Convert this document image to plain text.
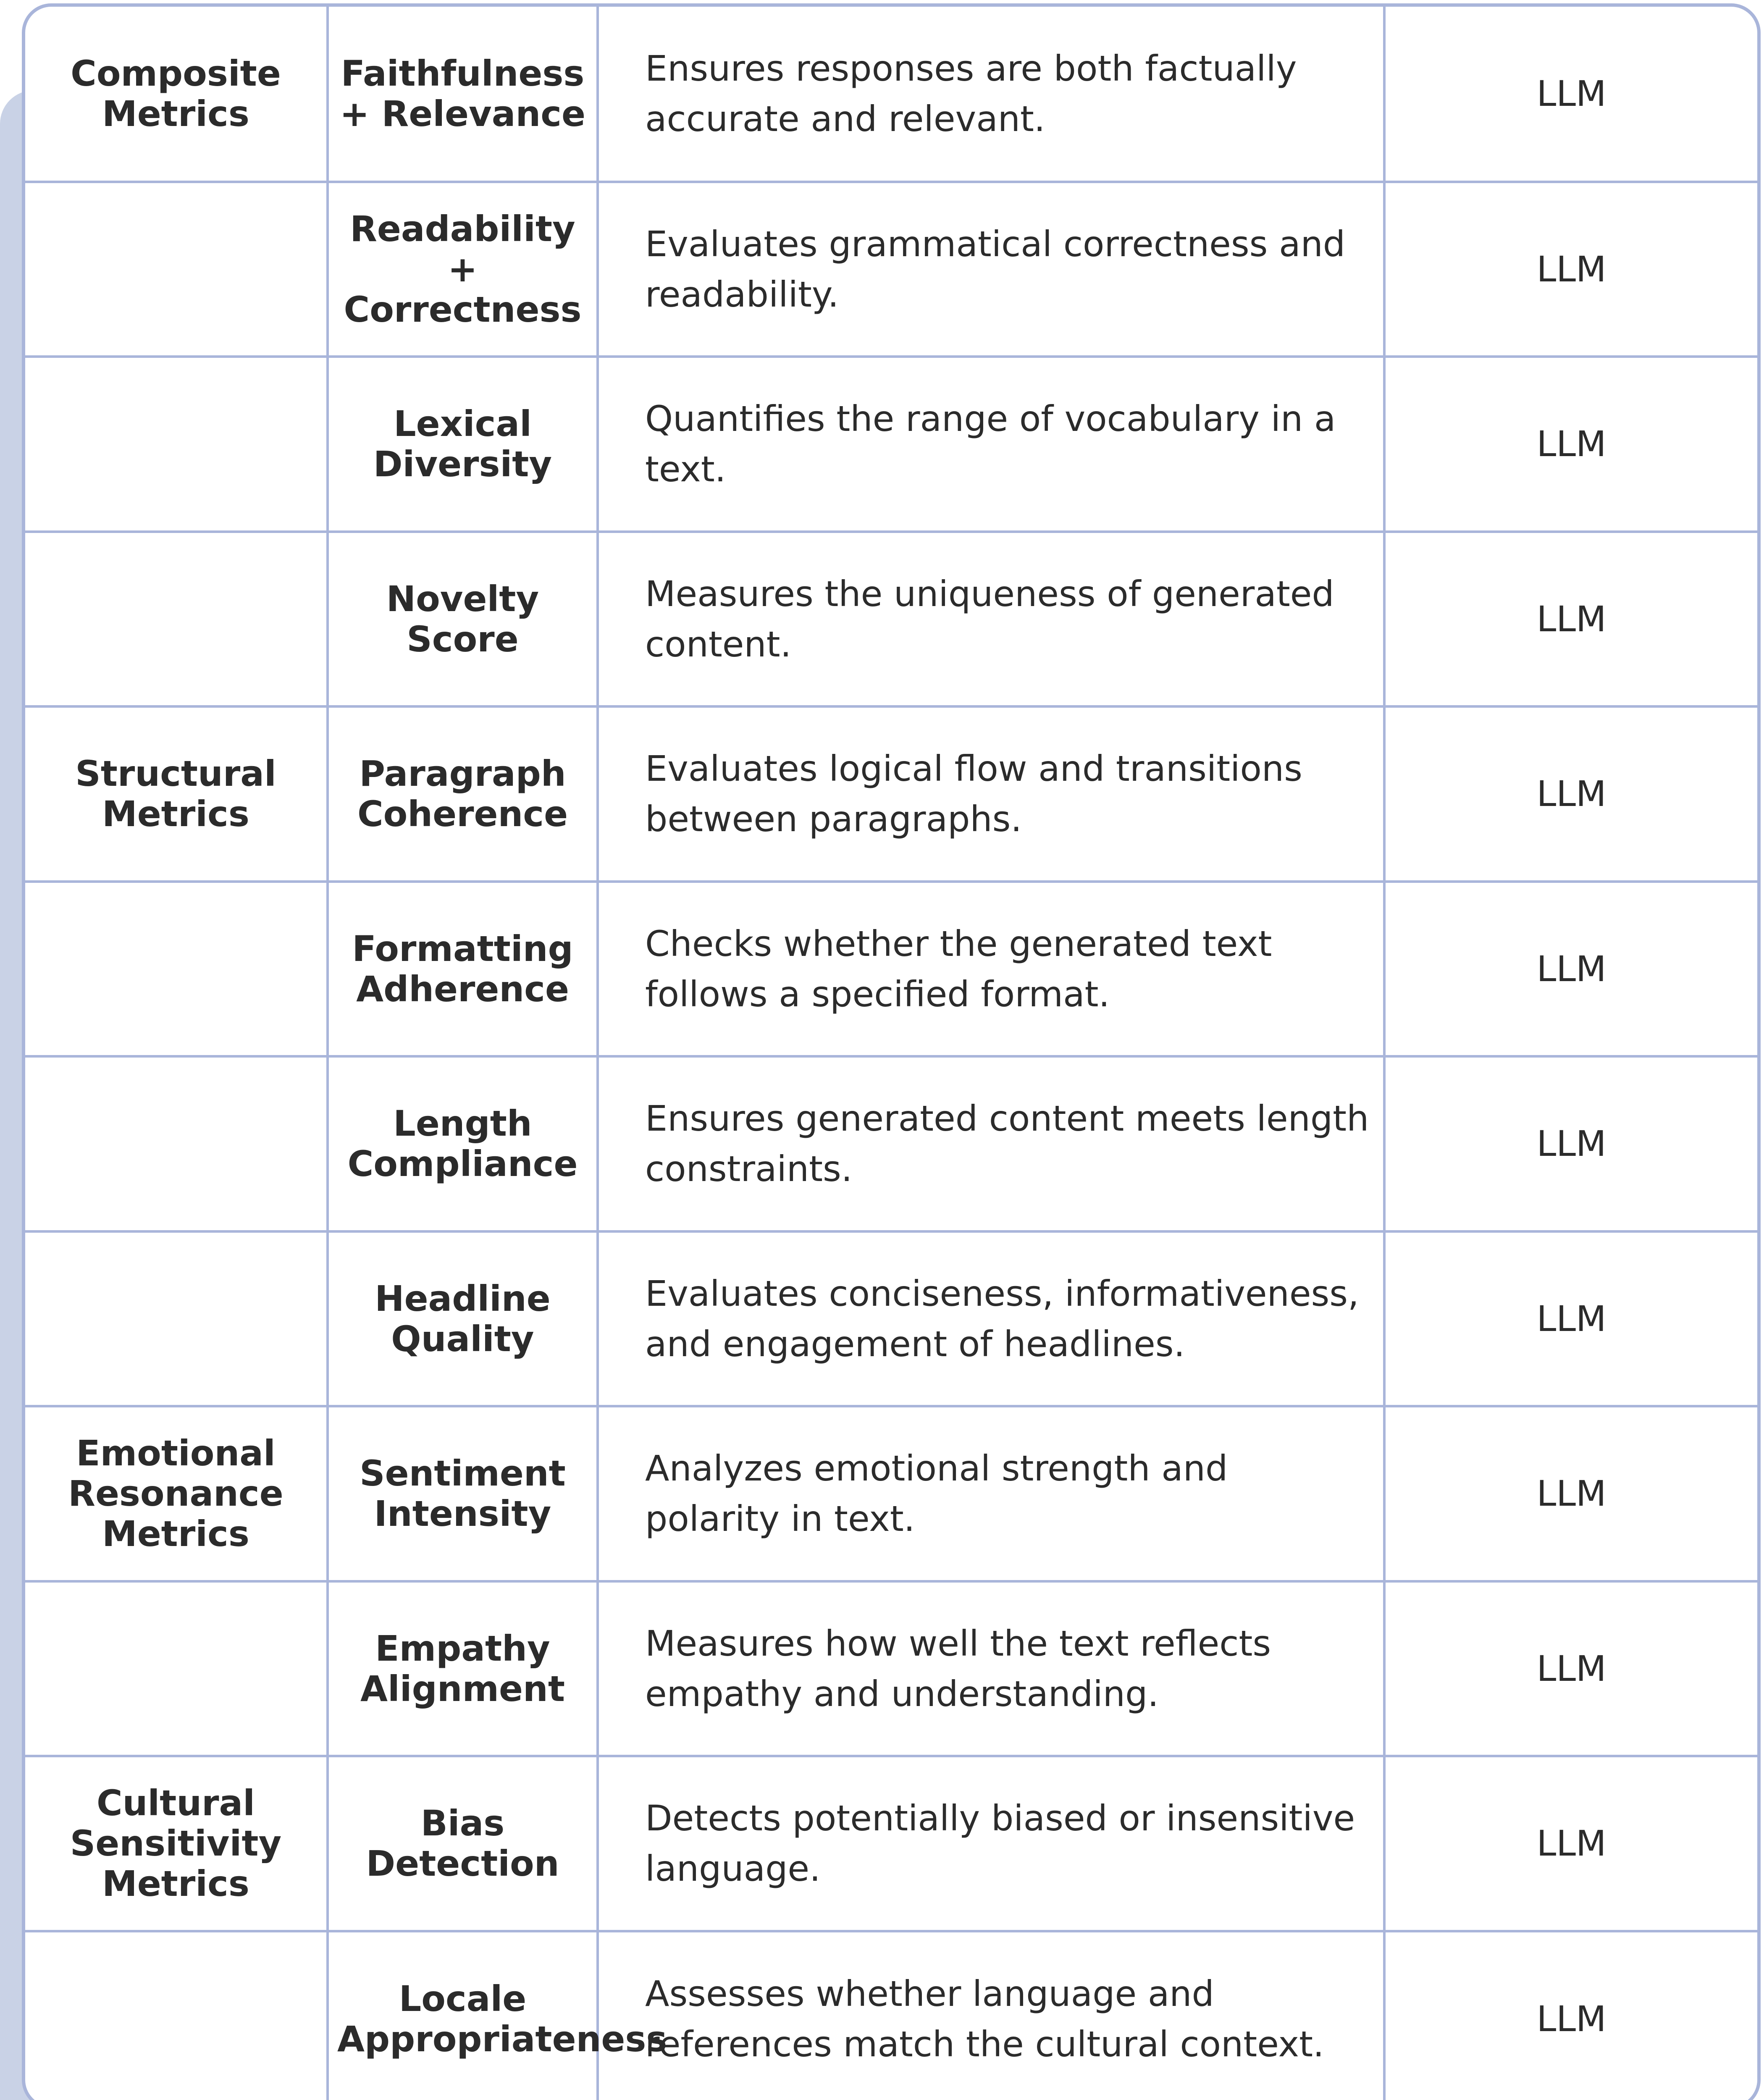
Composite Metrics	Faithfulness + Relevance	Ensures responses are both factually accurate and relevant.	LLM
	Readability + Correctness	Evaluates grammatical correctness and readability.	LLM
	Lexical Diversity	Quantifies the range of vocabulary in a text.	LLM
	Novelty Score	Measures the uniqueness of generated content.	LLM
Structural Metrics	Paragraph Coherence	Evaluates logical flow and transitions between paragraphs.	LLM
	Formatting Adherence	Checks whether the generated text follows a specified format.	LLM
	Length Compliance	Ensures generated content meets length constraints.	LLM
	Headline Quality	Evaluates conciseness, informativeness, and engagement of headlines.	LLM
Emotional Resonance Metrics	Sentiment Intensity	Analyzes emotional strength and polarity in text.	LLM
	Empathy Alignment	Measures how well the text reflects empathy and understanding.	LLM
Cultural Sensitivity Metrics	Bias Detection	Detects potentially biased or insensitive language.	LLM
	Locale Appropriateness	Assesses whether language and references match the cultural context.	LLM
